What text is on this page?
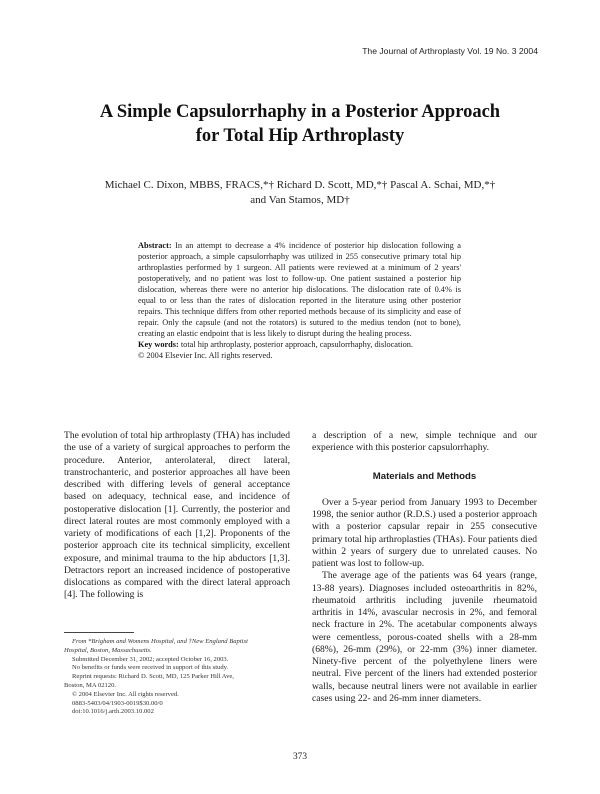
The Journal of Arthroplasty Vol. 19 No. 3 2004
A Simple Capsulorrhaphy in a Posterior Approach
for Total Hip Arthroplasty
Michael C. Dixon, MBBS, FRACS,*† Richard D. Scott, MD,*† Pascal A. Schai, MD,*†
and Van Stamos, MD†

Abstract: In an attempt to decrease a 4% incidence of posterior hip dislocation following a posterior approach, a simple capsulorrhaphy was utilized in 255 consecutive primary total hip arthroplasties performed by 1 surgeon. All patients were reviewed at a minimum of 2 years' postoperatively, and no patient was lost to follow-up. One patient sustained a posterior hip dislocation, whereas there were no anterior hip dislocations. The dislocation rate of 0.4% is equal to or less than the rates of dislocation reported in the literature using other posterior repairs. This technique differs from other reported methods because of its simplicity and ease of repair. Only the capsule (and not the rotators) is sutured to the medius tendon (not to bone), creating an elastic endpoint that is less likely to disrupt during the healing process.
Key words: total hip arthroplasty, posterior approach, capsulorrhaphy, dislocation.
© 2004 Elsevier Inc. All rights reserved.

The evolution of total hip arthroplasty (THA) has included the use of a variety of surgical approaches to perform the procedure. Anterior, anterolateral, direct lateral, transtrochanteric, and posterior approaches all have been described with differing levels of general acceptance based on adequacy, technical ease, and incidence of postoperative dislocation [1]. Currently, the posterior and direct lateral routes are most commonly employed with a variety of modifications of each [1,2]. Proponents of the posterior approach cite its technical simplicity, excellent exposure, and minimal trauma to the hip abductors [1,3]. Detractors report an increased incidence of postoperative dislocations as compared with the direct lateral approach [4]. The following is

a description of a new, simple technique and our experience with this posterior capsulorrhaphy.

Materials and Methods

Over a 5-year period from January 1993 to December 1998, the senior author (R.D.S.) used a posterior approach with a posterior capsular repair in 255 consecutive primary total hip arthroplasties (THAs). Four patients died within 2 years of surgery due to unrelated causes. No patient was lost to follow-up.

The average age of the patients was 64 years (range, 13-88 years). Diagnoses included osteoarthritis in 82%, rheumatoid arthritis including juvenile rheumatoid arthritis in 14%, avascular necrosis in 2%, and femoral neck fracture in 2%. The acetabular components always were cementless, porous-coated shells with a 28-mm (68%), 26-mm (29%), or 22-mm (3%) inner diameter. Ninety-five percent of the polyethylene liners were neutral. Five percent of the liners had extended posterior walls, because neutral liners were not available in earlier cases using 22- and 26-mm inner diameters.

From *Brigham and Womens Hospital, and †New England Baptist
Hospital, Boston, Massachusetts.
Submitted December 31, 2002; accepted October 16, 2003.
No benefits or funds were received in support of this study.
Reprint requests: Richard D. Scott, MD, 125 Parker Hill Ave,
Boston, MA 02120.
© 2004 Elsevier Inc. All rights reserved.
0883-5403/04/1903-0019$30.00/0
doi:10.1016/j.arth.2003.10.002
373
